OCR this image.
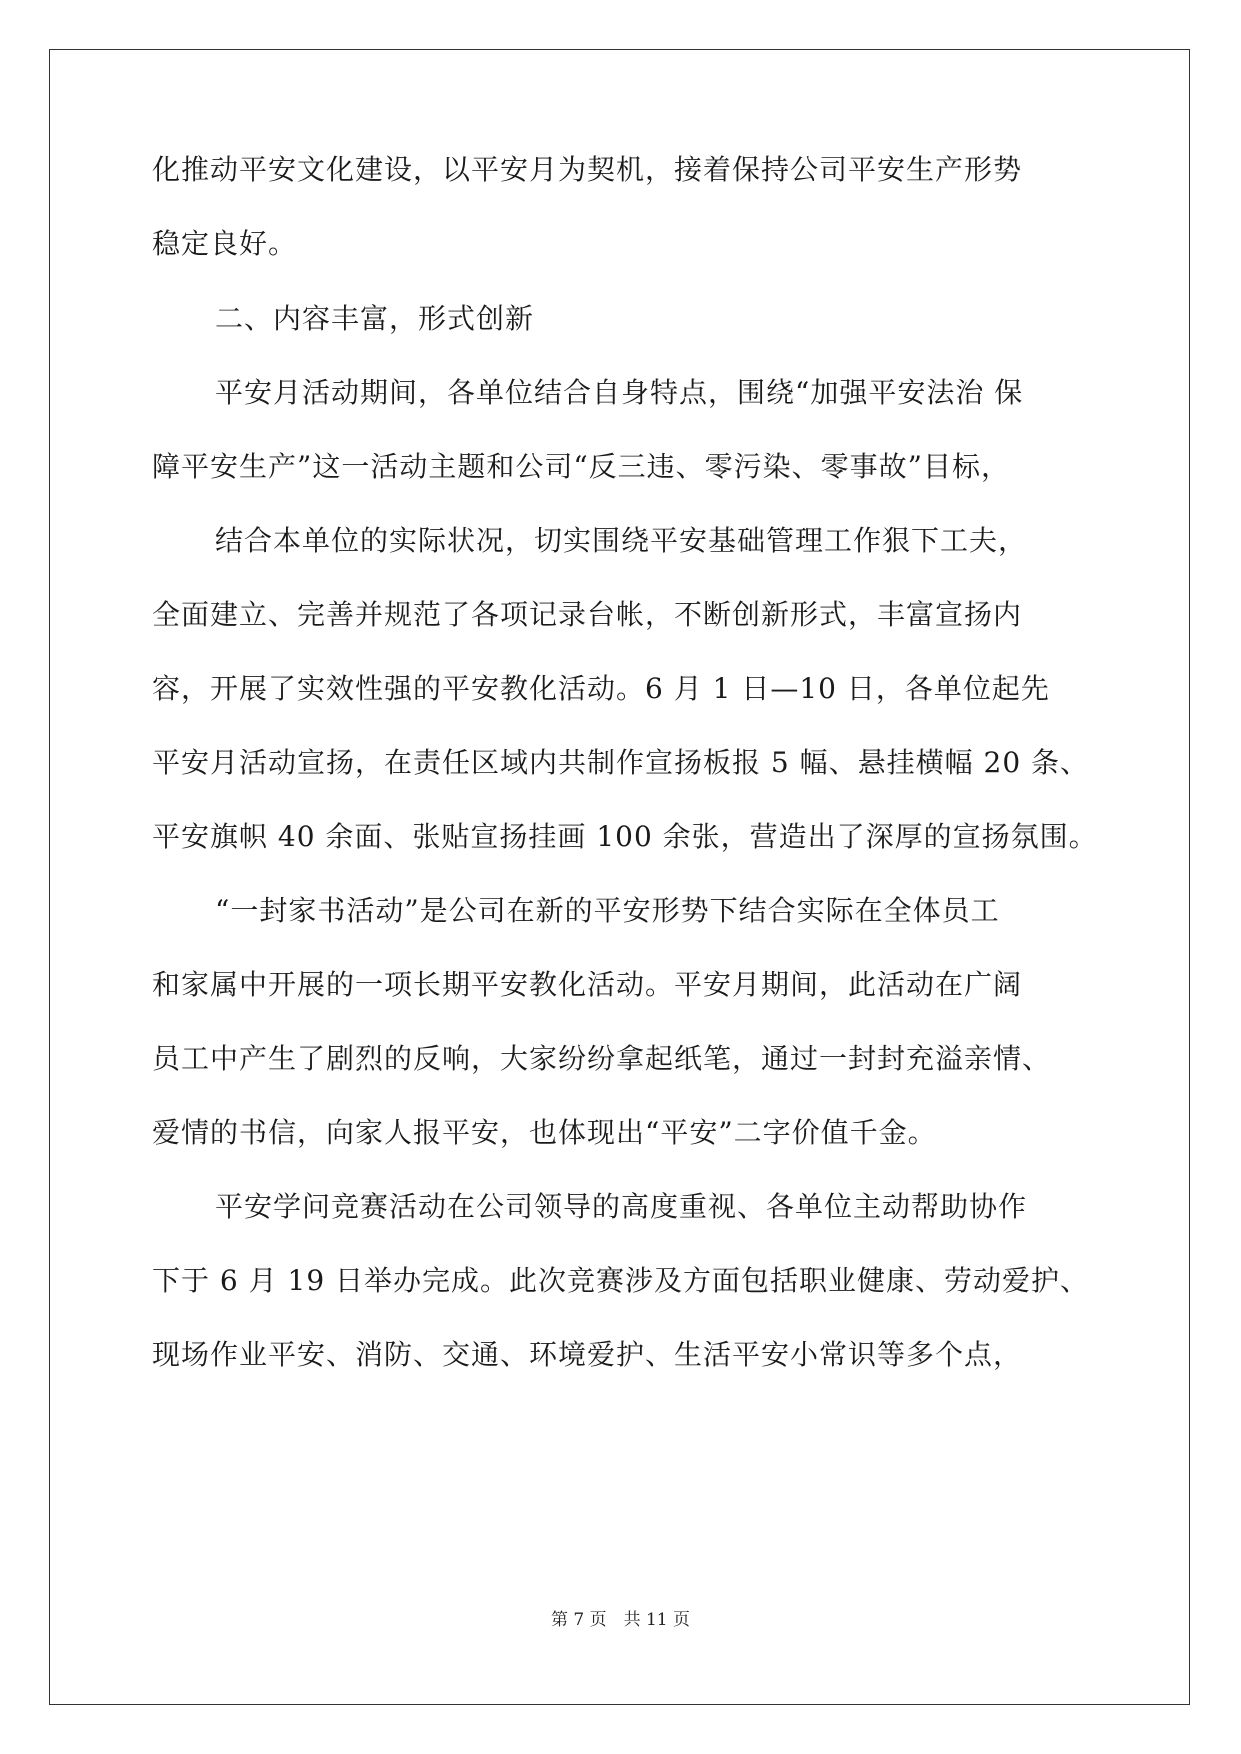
化推动平安文化建设，以平安月为契机，接着保持公司平安生产形势
稳定良好。
二、内容丰富，形式创新
平安月活动期间，各单位结合自身特点，围绕“加强平安法治 保
障平安生产”这一活动主题和公司“反三违、零污染、零事故”目标，
结合本单位的实际状况，切实围绕平安基础管理工作狠下工夫，
全面建立、完善并规范了各项记录台帐，不断创新形式，丰富宣扬内
容，开展了实效性强的平安教化活动。6 月 1 日—10 日，各单位起先
平安月活动宣扬，在责任区域内共制作宣扬板报 5 幅、悬挂横幅 20 条、
平安旗帜 40 余面、张贴宣扬挂画 100 余张，营造出了深厚的宣扬氛围。
“一封家书活动”是公司在新的平安形势下结合实际在全体员工
和家属中开展的一项长期平安教化活动。平安月期间，此活动在广阔
员工中产生了剧烈的反响，大家纷纷拿起纸笔，通过一封封充溢亲情、
爱情的书信，向家人报平安，也体现出“平安”二字价值千金。
平安学问竞赛活动在公司领导的高度重视、各单位主动帮助协作
下于 6 月 19 日举办完成。此次竞赛涉及方面包括职业健康、劳动爱护、
现场作业平安、消防、交通、环境爱护、生活平安小常识等多个点，
第 7 页　共 11 页
